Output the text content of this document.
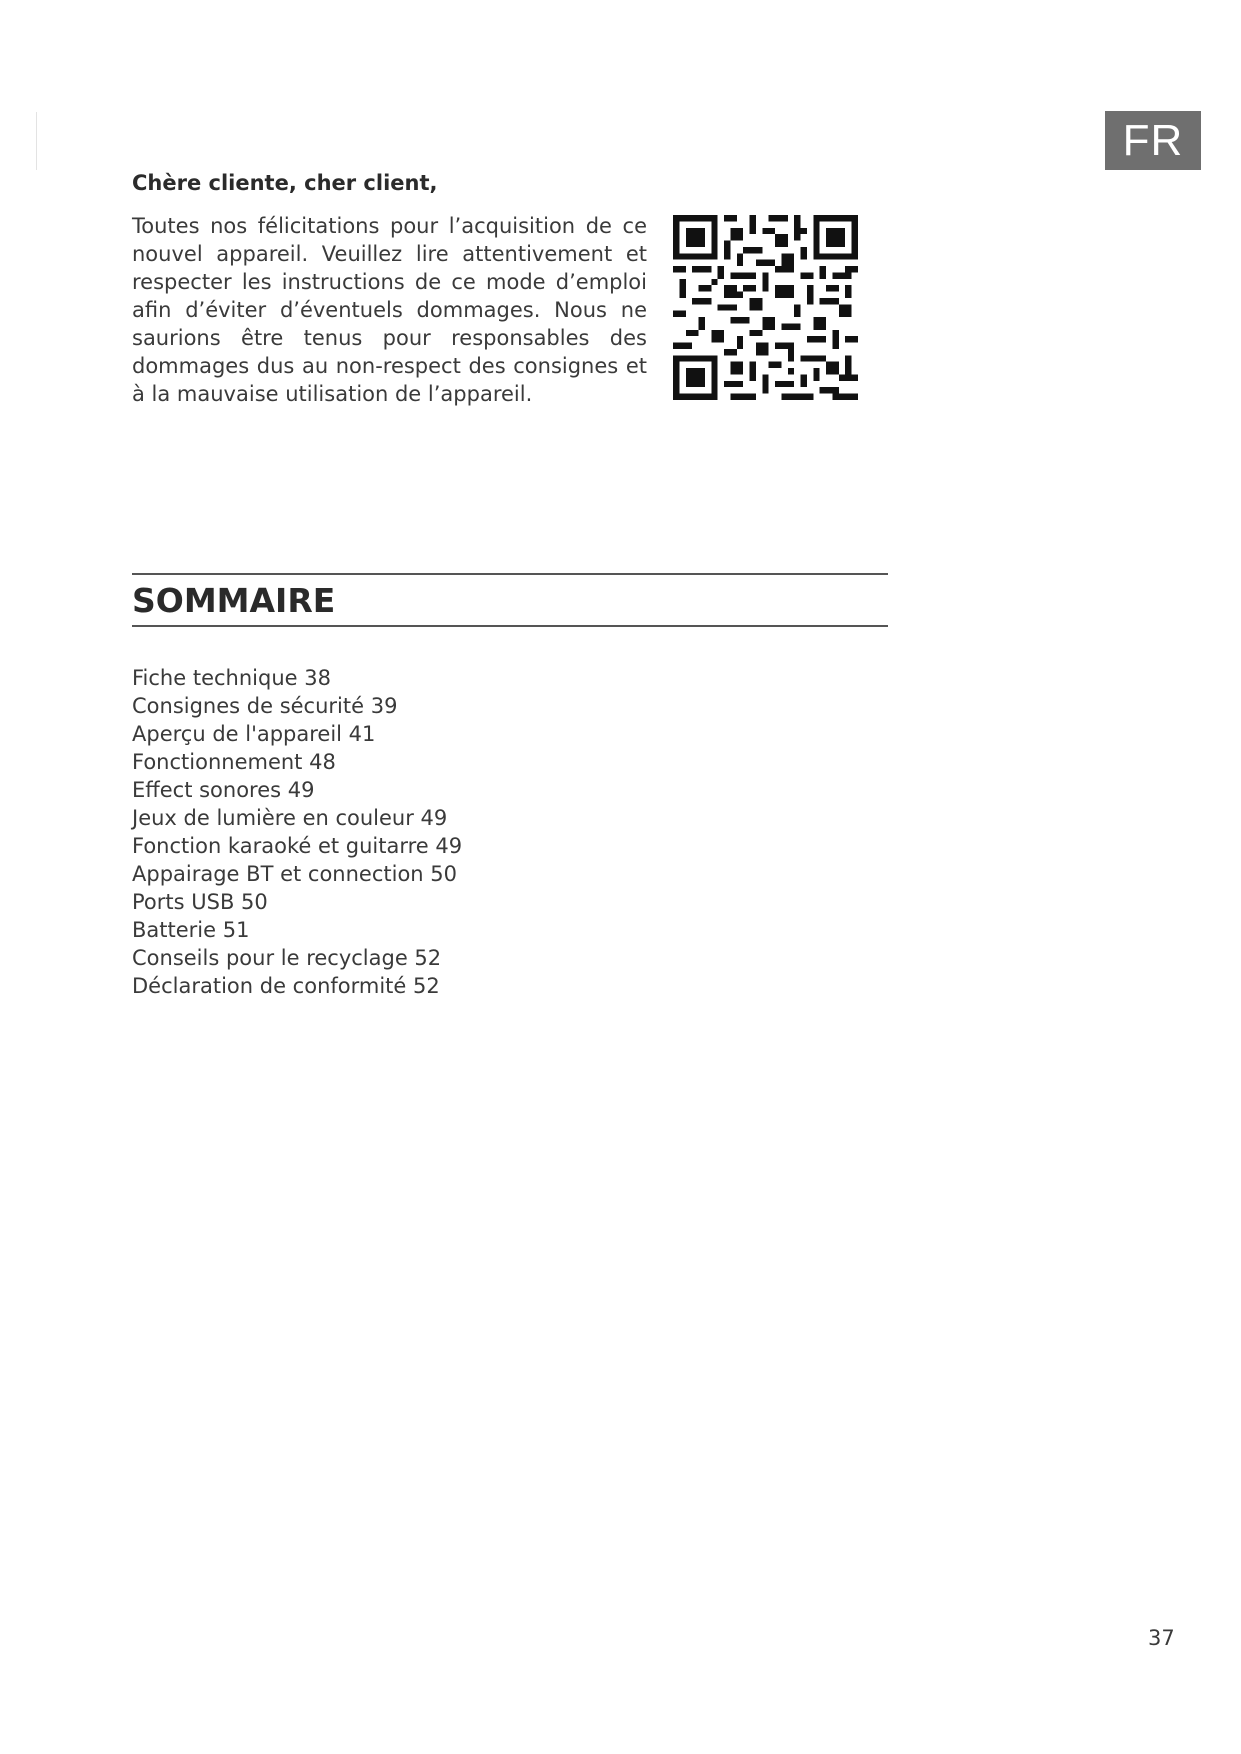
FR
Chère cliente, cher client,

Toutes nos félicitations pour l’acquisition de ce nouvel appareil. Veuillez lire attentivement et respecter les instructions de ce mode d’emploi afin d’éviter d’éventuels dommages. Nous ne saurions être tenus pour responsables des dommages dus au non-respect des consignes et à la mauvaise utilisation de l’appareil.

SOMMAIRE
Fiche technique 38
Consignes de sécurité 39
Aperçu de l'appareil 41
Fonctionnement 48
Effect sonores 49
Jeux de lumière en couleur 49
Fonction karaoké et guitarre 49
Appairage BT et connection 50
Ports USB 50
Batterie 51
Conseils pour le recyclage 52
Déclaration de conformité 52
37
